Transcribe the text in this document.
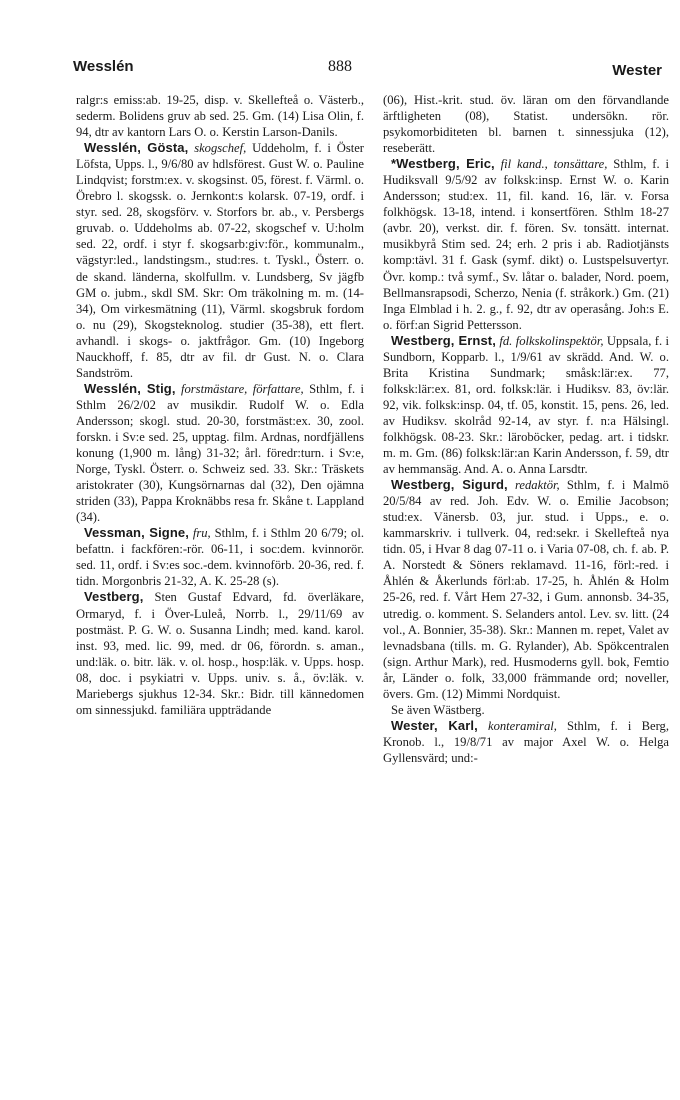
Wesslén	888	Wester

ralgr:s emiss:ab. 19-25, disp. v. Skellefteå o. Västerb., sederm. Bolidens gruv ab sed. 25. Gm. (14) Lisa Olin, f. 94, dtr av kantorn Lars O. o. Kerstin Larson-Danils.

Wesslén, Gösta, skogschef, Uddeholm, f. i Öster Löfsta, Upps. l., 9/6/80 av hdlsförest. Gust W. o. Pauline Lindqvist; forstm:ex. v. skogsinst. 05, förest. f. Värml. o. Örebro l. skogssk. o. Jernkont:s kolarsk. 07-19, ordf. i styr. sed. 28, skogsförv. v. Storfors br. ab., v. Persbergs gruvab. o. Uddeholms ab. 07-22, skogschef v. U:holm sed. 22, ordf. i styr f. skogsarb:giv:för., kommunalm., vägstyr:led., landstingsm., stud:res. t. Tyskl., Österr. o. de skand. länderna, skolfullm. v. Lundsberg, Sv jägfb GM o. jubm., skdl SM. Skr: Om träkolning m. m. (14-34), Om virkesmätning (11), Värml. skogsbruk fordom o. nu (29), Skogsteknolog. studier (35-38), ett flert. avhandl. i skogs- o. jaktfrågor. Gm. (10) Ingeborg Nauckhoff, f. 85, dtr av fil. dr Gust. N. o. Clara Sandström.

Wesslén, Stig, forstmästare, författare, Sthlm, f. i Sthlm 26/2/02 av musikdir. Rudolf W. o. Edla Andersson; skogl. stud. 20-30, forstmäst:ex. 30, zool. forskn. i Sv:e sed. 25, upptag. film. Ardnas, nordfjällens konung (1,900 m. lång) 31-32; årl. föredr:turn. i Sv:e, Norge, Tyskl. Österr. o. Schweiz sed. 33. Skr.: Träskets aristokrater (30), Kungsörnarnas dal (32), Den ojämna striden (33), Pappa Kroknäbbs resa fr. Skåne t. Lappland (34).

Vessman, Signe, fru, Sthlm, f. i Sthlm 20 6/79; ol. befattn. i fackfören:-rör. 06-11, i soc:dem. kvinnorör. sed. 11, ordf. i Sv:es soc.-dem. kvinnoförb. 20-36, red. f. tidn. Morgonbris 21-32, A. K. 25-28 (s).

Vestberg, Sten Gustaf Edvard, fd. överläkare, Ormaryd, f. i Över-Luleå, Norrb. l., 29/11/69 av postmäst. P. G. W. o. Susanna Lindh; med. kand. karol. inst. 93, med. lic. 99, med. dr 06, förordn. s. aman., und:läk. o. bitr. läk. v. ol. hosp., hosp:läk. v. Upps. hosp. 08, doc. i psykiatri v. Upps. univ. s. å., öv:läk. v. Mariebergs sjukhus 12-34. Skr.: Bidr. till kännedomen om sinnessjukd. familiära uppträdande

(06), Hist.-krit. stud. öv. läran om den förvandlande ärftligheten (08), Statist. undersökn. rör. psykomorbiditeten bl. barnen t. sinnessjuka (12), reseberätt.

*Westberg, Eric, fil kand., tonsättare, Sthlm, f. i Hudiksvall 9/5/92 av folksk:insp. Ernst W. o. Karin Andersson; stud:ex. 11, fil. kand. 16, lär. v. Forsa folkhögsk. 13-18, intend. i konsertfören. Sthlm 18-27 (avbr. 20), verkst. dir. f. fören. Sv. tonsätt. internat. musikbyrå Stim sed. 24; erh. 2 pris i ab. Radiotjänsts komp:tävl. 31 f. Gask (symf. dikt) o. Lustspelsuvertyr. Övr. komp.: två symf., Sv. låtar o. balader, Nord. poem, Bellmansrapsodi, Scherzo, Nenia (f. stråkork.) Gm. (21) Inga Elmblad i h. 2. g., f. 92, dtr av operasång. Joh:s E. o. förf:an Sigrid Pettersson.

Westberg, Ernst, fd. folkskolinspektör, Uppsala, f. i Sundborn, Kopparb. l., 1/9/61 av skrädd. And. W. o. Brita Kristina Sundmark; småsk:lär:ex. 77, folksk:lär:ex. 81, ord. folksk:lär. i Hudiksv. 83, öv:lär. 92, vik. folksk:insp. 04, tf. 05, konstit. 15, pens. 26, led. av Hudiksv. skolråd 92-14, av styr. f. n:a Hälsingl. folkhögsk. 08-23. Skr.: läroböcker, pedag. art. i tidskr. m. m. Gm. (86) folksk:lär:an Karin Andersson, f. 59, dtr av hemmansäg. And. A. o. Anna Larsdtr.

Westberg, Sigurd, redaktör, Sthlm, f. i Malmö 20/5/84 av red. Joh. Edv. W. o. Emilie Jacobson; stud:ex. Vänersb. 03, jur. stud. i Upps., e. o. kammarskriv. i tullverk. 04, red:sekr. i Skellefteå nya tidn. 05, i Hvar 8 dag 07-11 o. i Varia 07-08, ch. f. ab. P. A. Norstedt & Söners reklamavd. 11-16, förl:-red. i Åhlén & Åkerlunds förl:ab. 17-25, h. Åhlén & Holm 25-26, red. f. Vårt Hem 27-32, i Gum. annonsb. 34-35, utredig. o. komment. S. Selanders antol. Lev. sv. litt. (24 vol., A. Bonnier, 35-38). Skr.: Mannen m. repet, Valet av levnadsbana (tills. m. G. Rylander), Ab. Spökcentralen (sign. Arthur Mark), red. Husmoderns gyll. bok, Femtio år, Länder o. folk, 33,000 främmande ord; noveller, övers. Gm. (12) Mimmi Nordquist.

Se även Wästberg.

Wester, Karl, konteramiral, Sthlm, f. i Berg, Kronob. l., 19/8/71 av major Axel W. o. Helga Gyllensvärd; und:-
